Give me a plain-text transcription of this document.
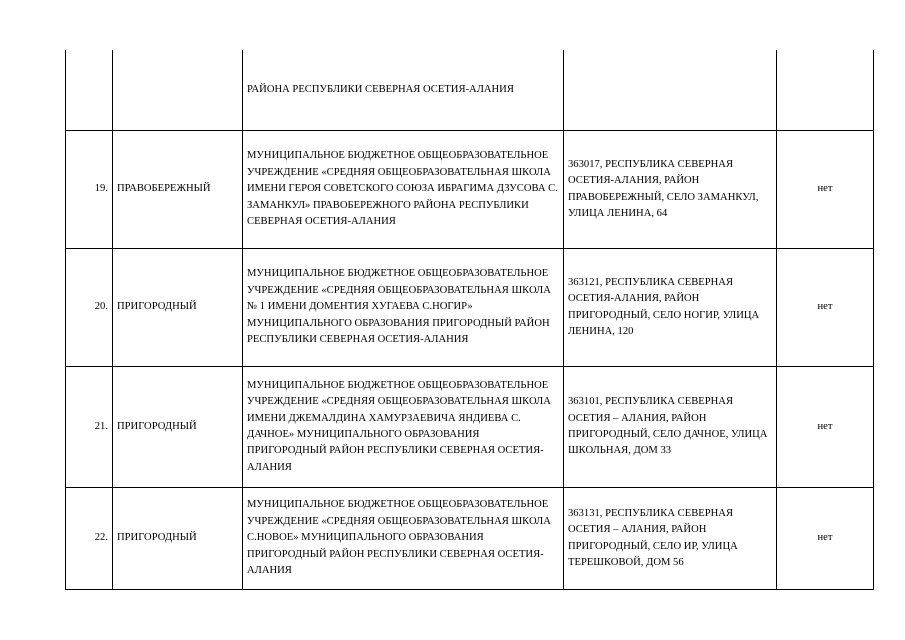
		РАЙОНА РЕСПУБЛИКИ СЕВЕРНАЯ ОСЕТИЯ-АЛАНИЯ		
19.	ПРАВОБЕРЕЖНЫЙ	МУНИЦИПАЛЬНОЕ БЮДЖЕТНОЕ ОБЩЕОБРАЗОВАТЕЛЬНОЕ УЧРЕЖДЕНИЕ «СРЕДНЯЯ ОБЩЕОБРАЗОВАТЕЛЬНАЯ ШКОЛА ИМЕНИ ГЕРОЯ СОВЕТСКОГО СОЮЗА ИБРАГИМА ДЗУСОВА С. ЗАМАНКУЛ» ПРАВОБЕРЕЖНОГО РАЙОНА РЕСПУБЛИКИ СЕВЕРНАЯ ОСЕТИЯ-АЛАНИЯ	363017, РЕСПУБЛИКА СЕВЕРНАЯ ОСЕТИЯ-АЛАНИЯ, РАЙОН ПРАВОБЕРЕЖНЫЙ, СЕЛО ЗАМАНКУЛ, УЛИЦА ЛЕНИНА, 64	нет
20.	ПРИГОРОДНЫЙ	МУНИЦИПАЛЬНОЕ БЮДЖЕТНОЕ ОБЩЕОБРАЗОВАТЕЛЬНОЕ УЧРЕЖДЕНИЕ «СРЕДНЯЯ ОБЩЕОБРАЗОВАТЕЛЬНАЯ ШКОЛА № 1 ИМЕНИ ДОМЕНТИЯ ХУГАЕВА С.НОГИР» МУНИЦИПАЛЬНОГО ОБРАЗОВАНИЯ ПРИГОРОДНЫЙ РАЙОН РЕСПУБЛИКИ СЕВЕРНАЯ ОСЕТИЯ-АЛАНИЯ	363121, РЕСПУБЛИКА СЕВЕРНАЯ ОСЕТИЯ-АЛАНИЯ, РАЙОН ПРИГОРОДНЫЙ, СЕЛО НОГИР, УЛИЦА ЛЕНИНА, 120	нет
21.	ПРИГОРОДНЫЙ	МУНИЦИПАЛЬНОЕ БЮДЖЕТНОЕ ОБЩЕОБРАЗОВАТЕЛЬНОЕ УЧРЕЖДЕНИЕ «СРЕДНЯЯ ОБЩЕОБРАЗОВАТЕЛЬНАЯ ШКОЛА ИМЕНИ ДЖЕМАЛДИНА ХАМУРЗАЕВИЧА ЯНДИЕВА С. ДАЧНОЕ» МУНИЦИПАЛЬНОГО ОБРАЗОВАНИЯ ПРИГОРОДНЫЙ РАЙОН РЕСПУБЛИКИ СЕВЕРНАЯ ОСЕТИЯ-АЛАНИЯ	363101, РЕСПУБЛИКА СЕВЕРНАЯ ОСЕТИЯ – АЛАНИЯ, РАЙОН ПРИГОРОДНЫЙ, СЕЛО ДАЧНОЕ, УЛИЦА ШКОЛЬНАЯ, ДОМ 33	нет
22.	ПРИГОРОДНЫЙ	МУНИЦИПАЛЬНОЕ БЮДЖЕТНОЕ ОБЩЕОБРАЗОВАТЕЛЬНОЕ УЧРЕЖДЕНИЕ «СРЕДНЯЯ ОБЩЕОБРАЗОВАТЕЛЬНАЯ ШКОЛА С.НОВОЕ» МУНИЦИПАЛЬНОГО ОБРАЗОВАНИЯ ПРИГОРОДНЫЙ РАЙОН РЕСПУБЛИКИ СЕВЕРНАЯ ОСЕТИЯ-АЛАНИЯ	363131, РЕСПУБЛИКА СЕВЕРНАЯ ОСЕТИЯ – АЛАНИЯ, РАЙОН ПРИГОРОДНЫЙ, СЕЛО ИР, УЛИЦА ТЕРЕШКОВОЙ, ДОМ 56	нет
